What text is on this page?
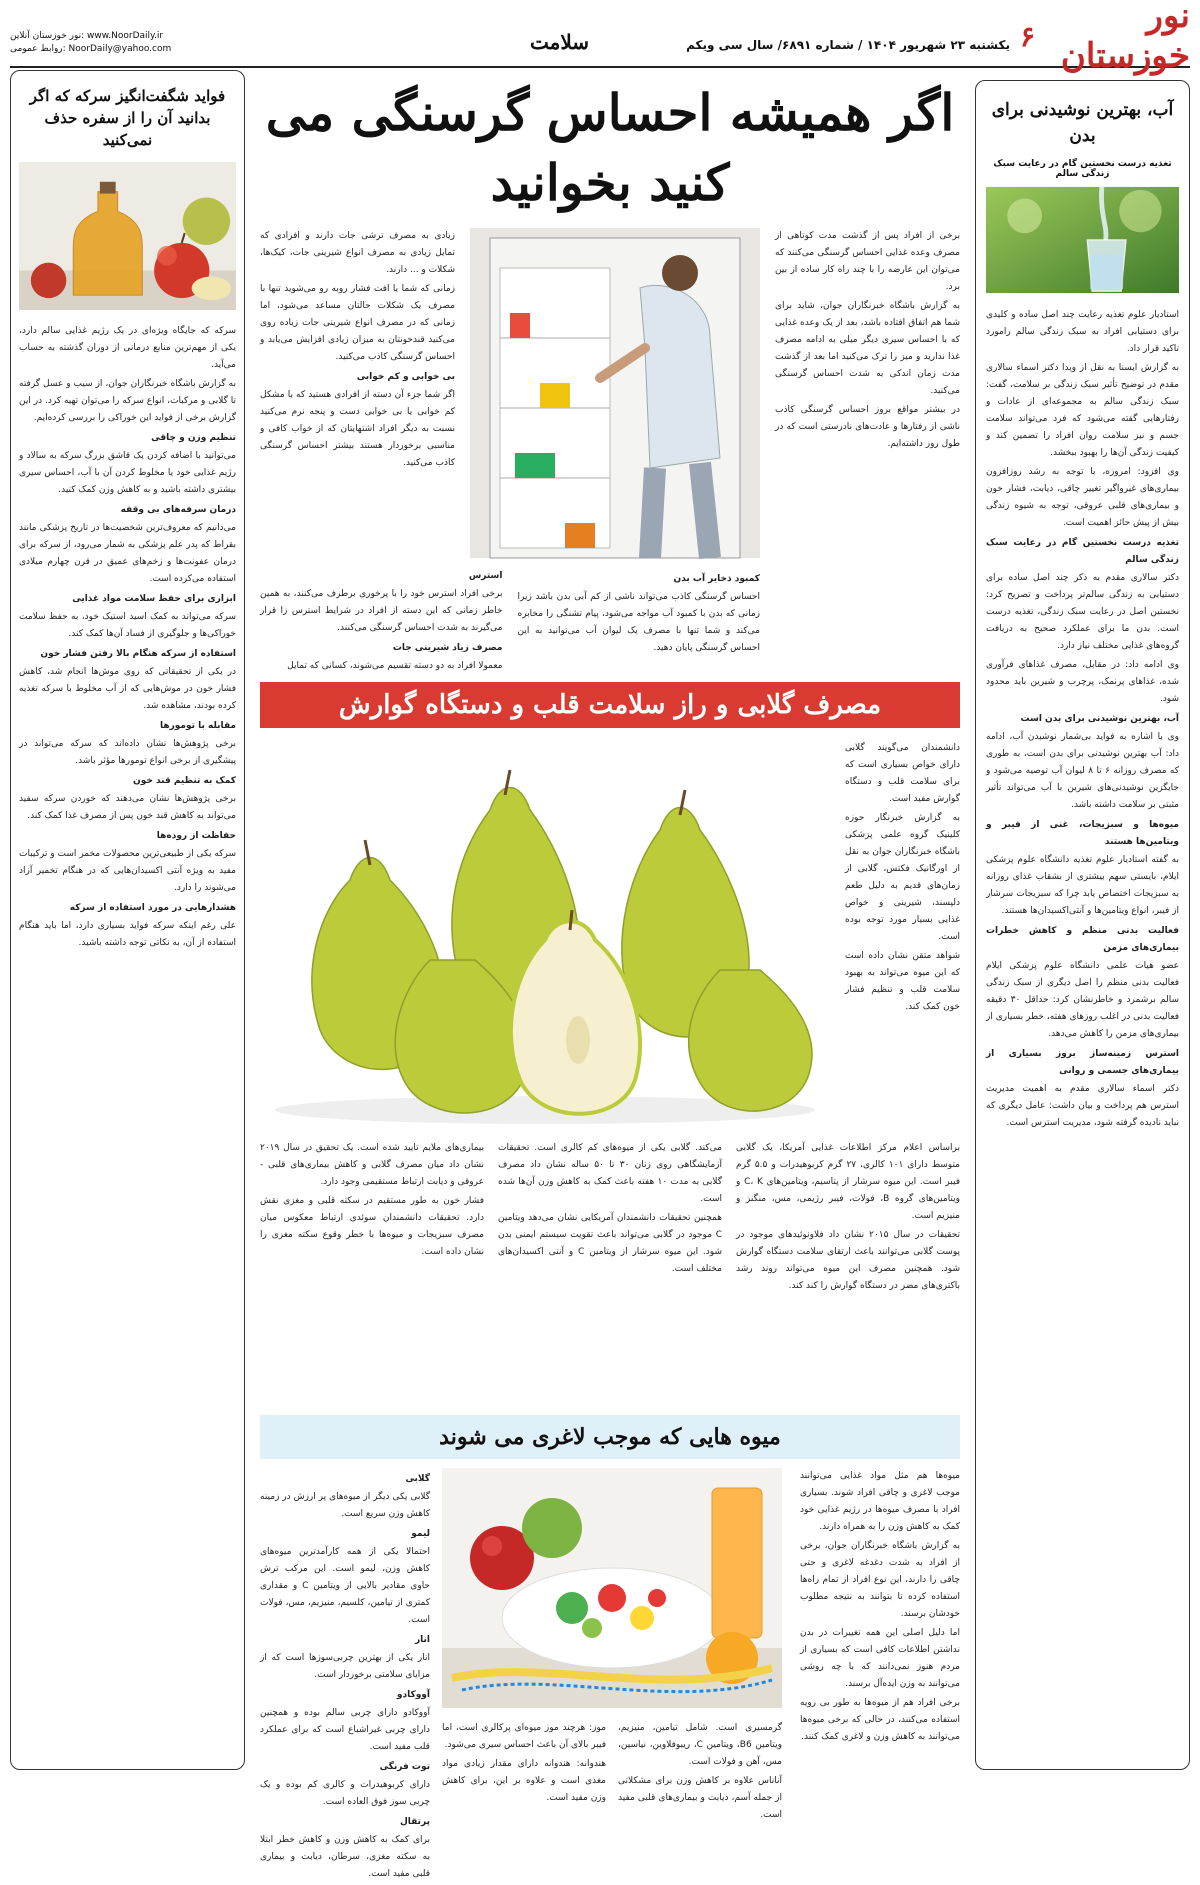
نور خوزستان
۶
یکشنبه ۲۳ شهریور ۱۴۰۴ / شماره ۶۸۹۱/ سال سی ویکم
سلامت
نور خوزستان آنلاین: www.NoorDaily.ir
روابط عمومی: NoorDaily@yahoo.com
آب، بهترین نوشیدنی برای بدن
تغذیه درست نخستین گام در رعایت سبک زندگی سالم

استادیار علوم تغذیه رعایت چند اصل ساده و کلیدی برای دستیابی افراد به سبک زندگی سالم رامورد تاکید قرار داد.

به گزارش ایسنا به نقل از ویدا دکتر اسماء سالاری مقدم در توضیح تأثیر سبک زندگی بر سلامت، گفت: سبک زندگی سالم به مجموعه‌ای از عادات و رفتارهایی گفته می‌شود که فرد می‌تواند سلامت جسم و نیز سلامت روان افراد را تضمین کند و کیفیت زندگی آن‌ها را بهبود ببخشد.

وی افزود: امروزه، با توجه به رشد روزافزون بیماری‌های غیرواگیر تغییر چاقی، دیابت، فشار خون و بیماری‌های قلبی عروقی، توجه به شیوه زندگی بیش از پیش حائز اهمیت است.

تغذیه درست نخستین گام در رعایت سبک زندگی سالم

دکتر سالاری مقدم به ذکر چند اصل ساده برای دستیابی به زندگی سالم‌تر پرداخت و تصریح کرد: نخستین اصل در رعایت سبک زندگی، تغذیه درست است. بدن ما برای عملکرد صحیح به دریافت گروه‌های غذایی مختلف نیاز دارد.

وی ادامه داد: در مقابل، مصرف غذاهای فرآوری شده، غذاهای پرنمک، پرچرب و شیرین باید محدود شود.

آب، بهترین نوشیدنی برای بدن است

وی با اشاره به فواید بی‌شمار نوشیدن آب، ادامه داد: آب بهترین نوشیدنی برای بدن است، به طوری که مصرف روزانه ۶ تا ۸ لیوان آب توصیه می‌شود و جایگزین نوشیدنی‌های شیرین با آب می‌تواند تأثیر مثبتی بر سلامت داشته باشد.

میوه‌ها و سبزیجات، غنی از فیبر و ویتامین‌ها هستند

به گفته استادیار علوم تغذیه دانشگاه علوم پزشکی ایلام، بایستی سهم بیشتری از بشقاب غذای روزانه به سبزیجات اختصاص یابد چرا که سبزیجات سرشار از فیبر، انواع ویتامین‌ها و آنتی‌اکسیدان‌ها هستند.

فعالیت بدنی منظم و کاهش خطرات بیماری‌های مزمن

عضو هیات علمی دانشگاه علوم پزشکی ایلام فعالیت بدنی منظم را اصل دیگری از سبک زندگی سالم برشمرد و خاطرنشان کرد: حداقل ۳۰ دقیقه فعالیت بدنی در اغلب روزهای هفته، خطر بسیاری از بیماری‌های مزمن را کاهش می‌دهد.

استرس زمینه‌ساز بروز بسیاری از بیماری‌های جسمی و روانی

دکتر اسماء سالاری مقدم به اهمیت مدیریت استرس هم پرداخت و بیان داشت: عامل دیگری که نباید نادیده گرفته شود، مدیریت استرس است.

فواید شگفت‌انگیز سرکه که اگر بدانید آن را از سفره حذف نمی‌کنید

سرکه که جایگاه ویژه‌ای در یک رژیم غذایی سالم دارد، یکی از مهم‌ترین منابع درمانی از دوران گذشته به حساب می‌آید.

به گزارش باشگاه خبرنگاران جوان، از سیب و عسل گرفته تا گلابی و مرکبات، انواع سرکه را می‌توان تهیه کرد. در این گزارش برخی از فواید این خوراکی را بررسی کرده‌ایم.

تنظیم وزن و چاقی

می‌توانید با اضافه کردن یک قاشق بزرگ سرکه به سالاد و رژیم غذایی خود یا مخلوط کردن آن با آب، احساس سیری بیشتری داشته باشید و به کاهش وزن کمک کنید.

درمان سرفه‌های بی وقفه

می‌دانیم که معروف‌ترین شخصیت‌ها در تاریخ پزشکی مانند بقراط که پدر علم پزشکی به شمار می‌رود، از سرکه برای درمان عفونت‌ها و زخم‌های عمیق در قرن چهارم میلادی استفاده می‌کرده است.

ابزاری برای حفظ سلامت مواد غذایی

سرکه می‌تواند به کمک اسید استیک خود، به حفظ سلامت خوراکی‌ها و جلوگیری از فساد آن‌ها کمک کند.

استفاده از سرکه هنگام بالا رفتن فشار خون

در یکی از تحقیقاتی که روی موش‌ها انجام شد، کاهش فشار خون در موش‌هایی که از آب مخلوط با سرکه تغذیه کرده بودند، مشاهده شد.

مقابله با تومورها

برخی پژوهش‌ها نشان داده‌اند که سرکه می‌تواند در پیشگیری از برخی انواع تومورها مؤثر باشد.

کمک به تنظیم قند خون

برخی پژوهش‌ها نشان می‌دهند که خوردن سرکه سفید می‌تواند به کاهش قند خون پس از مصرف غذا کمک کند.

حفاظت از روده‌ها

سرکه یکی از طبیعی‌ترین محصولات مخمر است و ترکیبات مفید به ویژه آنتی اکسیدان‌هایی که در هنگام تخمیر آزاد می‌شوند را دارد.

هشدارهایی در مورد استفاده از سرکه

علی رغم اینکه سرکه فواید بسیاری دارد، اما باید هنگام استفاده از آن، به نکاتی توجه داشته باشید.

اگر همیشه احساس گرسنگی می کنید بخوانید

برخی از افراد پس از گذشت مدت کوتاهی از مصرف وعده غذایی احساس گرسنگی می‌کنند که می‌توان این عارضه را با چند راه کار ساده از بین برد.

به گزارش باشگاه خبرنگاران جوان، شاید برای شما هم اتفاق افتاده باشد، بعد از یک وعده غذایی که با احساس سیری دیگر میلی به ادامه مصرف غذا ندارید و میز را ترک می‌کنید اما بعد از گذشت مدت زمان اندکی به شدت احساس گرسنگی می‌کنید.

در بیشتر مواقع بروز احساس گرسنگی کاذب ناشی از رفتارها و عادت‌های نادرستی است که در طول روز داشته‌ایم.

زیادی به مصرف ترشی جات دارند و افرادی که تمایل زیادی به مصرف انواع شیرینی جات، کیک‌ها، شکلات و ... دارند.

زمانی که شما یا افت فشار روبه رو می‌شوید تنها با مصرف یک شکلات حالتان مساعد می‌شود، اما زمانی که در مصرف انواع شیرینی جات زیاده روی می‌کنید قندخونتان به میزان زیادی افزایش می‌یابد و احساس گرسنگی کاذب می‌کنید.

بی خوابی و کم خوابی

اگر شما جزء آن دسته از افرادی هستید که با مشکل کم خوابی یا بی خوابی دست و پنجه نرم می‌کنید نسبت به دیگر افراد اشتهایتان که از خواب کافی و مناسبی برخوردار هستند بیشتر احساس گرسنگی کاذب می‌کنید.

کمبود ذخایر آب بدن

احساس گرسنگی کاذب می‌تواند ناشی از کم آبی بدن باشد زیرا زمانی که بدن با کمبود آب مواجه می‌شود، پیام تشنگی را مخابره می‌کند و شما تنها با مصرف یک لیوان آب می‌توانید به این احساس گرسنگی پایان دهید.

استرس

برخی افراد استرس خود را با پرخوری برطرف می‌کنند، به همین خاطر زمانی که این دسته از افراد در شرایط استرس زا قرار می‌گیرند به شدت احساس گرسنگی می‌کنند.

مصرف زیاد شیرینی جات

معمولا افراد به دو دسته تقسیم می‌شوند، کسانی که تمایل

مصرف گلابی و راز سلامت قلب و دستگاه گوارش

دانشمندان می‌گویند گلابی دارای خواص بسیاری است که برای سلامت قلب و دستگاه گوارش مفید است.

به گزارش خبرنگار حوزه کلینیک گروه علمی پزشکی باشگاه خبرنگاران جوان به نقل از اورگانیک فکتس، گلابی از زمان‌های قدیم به دلیل طعم دلپسند، شیرینی و خواص غذایی بسیار مورد توجه بوده است.

شواهد متقن نشان داده است که این میوه می‌تواند به بهبود سلامت قلب و تنظیم فشار خون کمک کند.

براساس اعلام مرکز اطلاعات غذایی آمریکا، یک گلابی متوسط دارای ۱۰۱ کالری، ۲۷ گرم کربوهیدرات و ۵.۵ گرم فیبر است. این میوه سرشار از پتاسیم، ویتامین‌های C، K و ویتامین‌های گروه B، فولات، فیبر رژیمی، مس، منگنز و منیزیم است.

تحقیقات در سال ۲۰۱۵ نشان داد فلاونوئیدهای موجود در پوست گلابی می‌توانند باعث ارتقای سلامت دستگاه گوارش شود. همچنین مصرف این میوه می‌تواند روند رشد باکتری‌های مضر در دستگاه گوارش را کند کند.

می‌کند. گلابی یکی از میوه‌های کم کالری است. تحقیقات آزمایشگاهی روی زنان ۳۰ تا ۵۰ ساله نشان داد مصرف گلابی به مدت ۱۰ هفته باعث کمک به کاهش وزن آن‌ها شده است.

همچنین تحقیقات دانشمندان آمریکایی نشان می‌دهد ویتامین C موجود در گلابی می‌تواند باعث تقویت سیستم ایمنی بدن شود. این میوه سرشار از ویتامین C و آنتی اکسیدان‌های مختلف است.

بیماری‌های ملایم تایید شده است. یک تحقیق در سال ۲۰۱۹ نشان داد میان مصرف گلابی و کاهش بیماری‌های قلبی - عروقی و دیابت ارتباط مستقیمی وجود دارد.

فشار خون به طور مستقیم در سکته قلبی و مغزی نقش دارد. تحقیقات دانشمندان سوئدی ارتباط معکوس میان مصرف سبزیجات و میوه‌ها با خطر وقوع سکته مغزی را نشان داده است.

میوه هایی که موجب لاغری می شوند

میوه‌ها هم مثل مواد غذایی می‌توانند موجب لاغری و چاقی افراد شوند. بسیاری افراد با مصرف میوه‌ها در رژیم غذایی خود کمک به کاهش وزن را به همراه دارند.

به گزارش باشگاه خبرنگاران جوان، برخی از افراد به شدت دغدغه لاغری و حتی چاقی را دارند، این نوع افراد از تمام راه‌ها استفاده کرده تا بتوانند به نتیجه مطلوب خودشان برسند.

اما دلیل اصلی این همه تغییرات در بدن نداشتن اطلاعات کافی است که بسیاری از مردم هنوز نمی‌دانند که با چه روشی می‌توانند به وزن ایده‌آل برسند.

برخی افراد هم از میوه‌ها به طور بی رویه استفاده می‌کنند، در حالی که برخی میوه‌ها می‌توانند به کاهش وزن و لاغری کمک کنند.

گلابی

گلابی یکی دیگر از میوه‌های پر ارزش در زمینه کاهش وزن سریع است.

لیمو

احتمالا یکی از همه کارآمدترین میوه‌های کاهش وزن، لیمو است. این مرکب ترش حاوی مقادیر بالایی از ویتامین C و مقداری کمتری از تیامین، کلسیم، منیزیم، مس، فولات است.

انار

انار یکی از بهترین چربی‌سوزها است که از مزایای سلامتی برخوردار است.

آووکادو

آووکادو دارای چربی سالم بوده و همچنین دارای چربی غیراشباع است که برای عملکرد قلب مفید است.

توت فرنگی

دارای کربوهیدرات و کالری کم بوده و یک چربی سوز فوق العاده است.

پرتقال

برای کمک به کاهش وزن و کاهش خطر ابتلا به سکته مغزی، سرطان، دیابت و بیماری قلبی مفید است.

گرمسیری است. شامل تیامین، منیزیم، ویتامین B6، ویتامین C، ریبوفلاوین، نیاسین، مس، آهن و فولات است.

آناناس علاوه بر کاهش وزن برای مشکلاتی از جمله آسم، دیابت و بیماری‌های قلبی مفید است.

موز: هرچند موز میوه‌ای پرکالری است، اما فیبر بالای آن باعث احساس سیری می‌شود.

هندوانه: هندوانه دارای مقدار زیادی مواد مغذی است و علاوه بر این، برای کاهش وزن مفید است.
